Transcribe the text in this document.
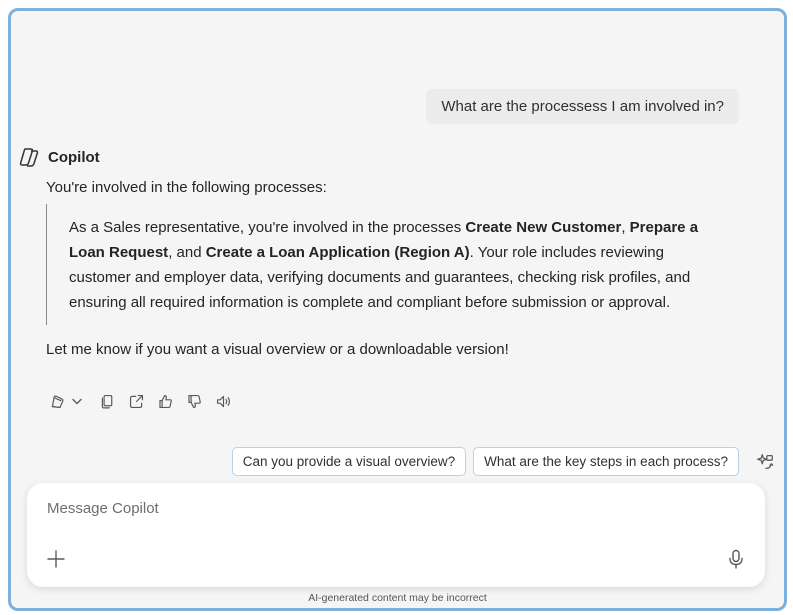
What are the processess I am involved in?
Copilot
You're involved in the following processes:
As a Sales representative, you're involved in the processes Create New Customer, Prepare a Loan Request, and Create a Loan Application (Region A). Your role includes reviewing customer and employer data, verifying documents and guarantees, checking risk profiles, and ensuring all required information is complete and compliant before submission or approval.
Let me know if you want a visual overview or a downloadable version!
Can you provide a visual overview?	What are the key steps in each process?
Message Copilot
AI-generated content may be incorrect
